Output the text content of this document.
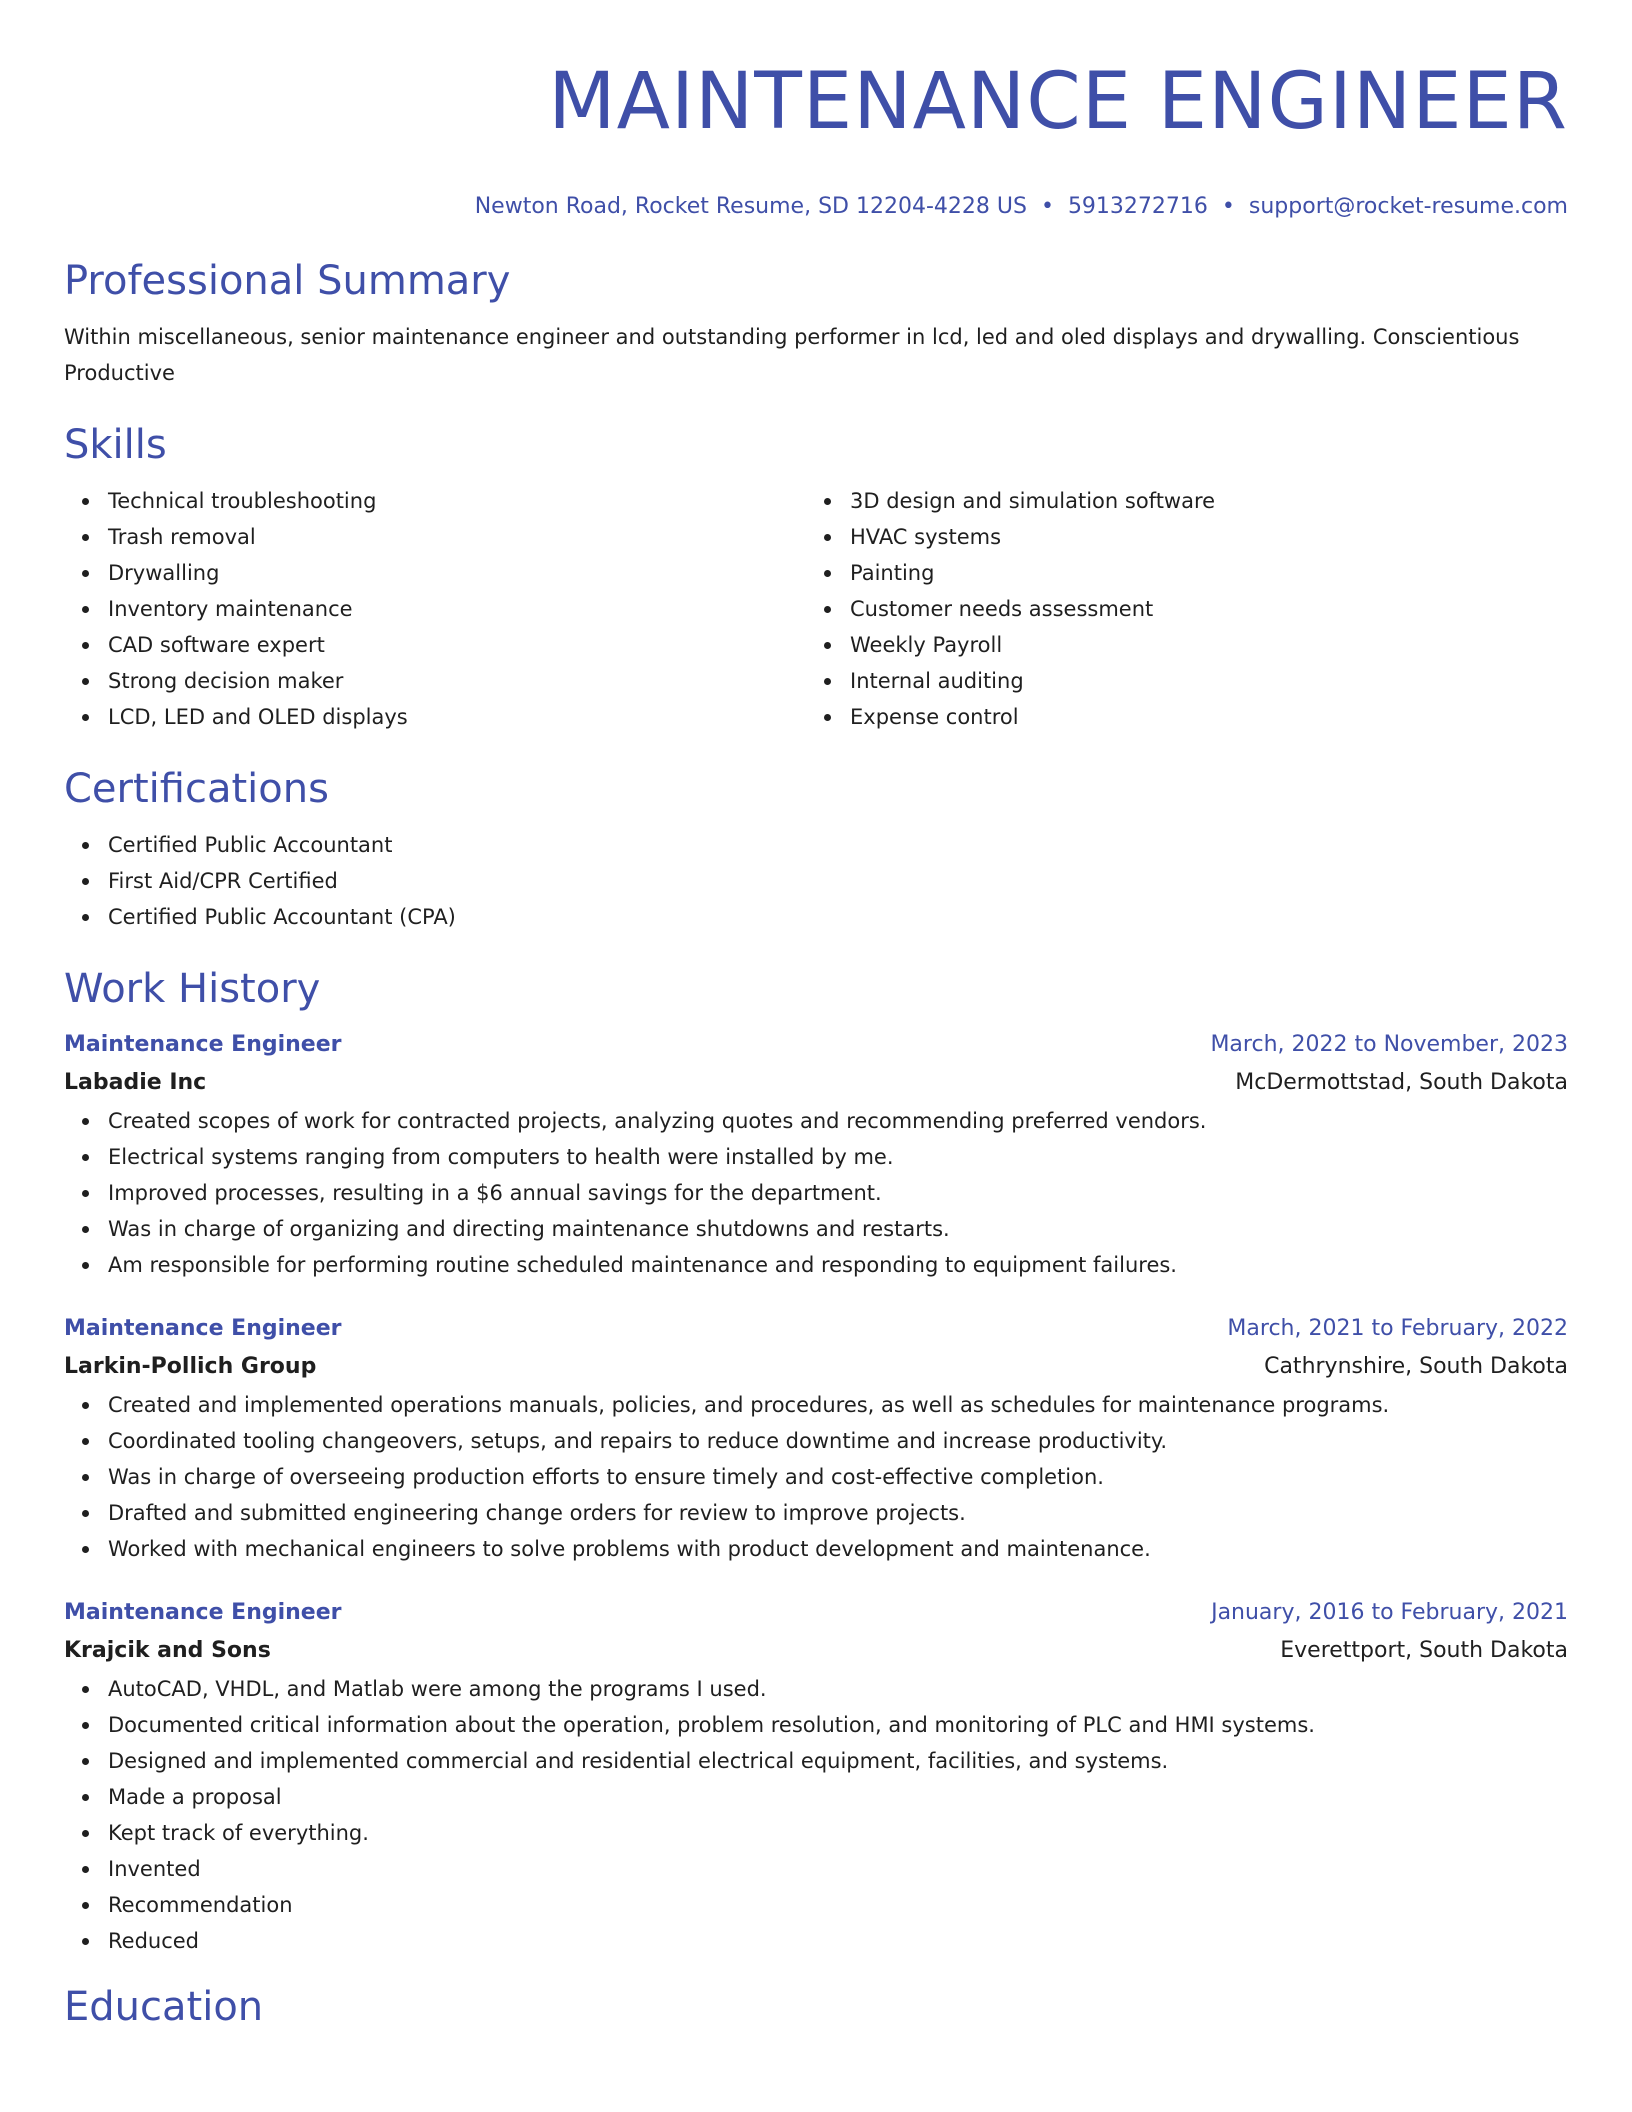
MAINTENANCE ENGINEER
Newton Road, Rocket Resume, SD 12204-4228 US • 5913272716 • support@rocket-resume.com
Professional Summary
Within miscellaneous, senior maintenance engineer and outstanding performer in lcd, led and oled displays and drywalling. Conscientious Productive
Skills
Technical troubleshooting
Trash removal
Drywalling
Inventory maintenance
CAD software expert
Strong decision maker
LCD, LED and OLED displays
3D design and simulation software
HVAC systems
Painting
Customer needs assessment
Weekly Payroll
Internal auditing
Expense control
Certifications
Certified Public Accountant
First Aid/CPR Certified
Certified Public Accountant (CPA)
Work History
Maintenance Engineer	March, 2022 to November, 2023
Labadie Inc	McDermottstad, South Dakota
Created scopes of work for contracted projects, analyzing quotes and recommending preferred vendors.
Electrical systems ranging from computers to health were installed by me.
Improved processes, resulting in a $6 annual savings for the department.
Was in charge of organizing and directing maintenance shutdowns and restarts.
Am responsible for performing routine scheduled maintenance and responding to equipment failures.
Maintenance Engineer	March, 2021 to February, 2022
Larkin-Pollich Group	Cathrynshire, South Dakota
Created and implemented operations manuals, policies, and procedures, as well as schedules for maintenance programs.
Coordinated tooling changeovers, setups, and repairs to reduce downtime and increase productivity.
Was in charge of overseeing production efforts to ensure timely and cost-effective completion.
Drafted and submitted engineering change orders for review to improve projects.
Worked with mechanical engineers to solve problems with product development and maintenance.
Maintenance Engineer	January, 2016 to February, 2021
Krajcik and Sons	Everettport, South Dakota
AutoCAD, VHDL, and Matlab were among the programs I used.
Documented critical information about the operation, problem resolution, and monitoring of PLC and HMI systems.
Designed and implemented commercial and residential electrical equipment, facilities, and systems.
Made a proposal
Kept track of everything.
Invented
Recommendation
Reduced
Education
